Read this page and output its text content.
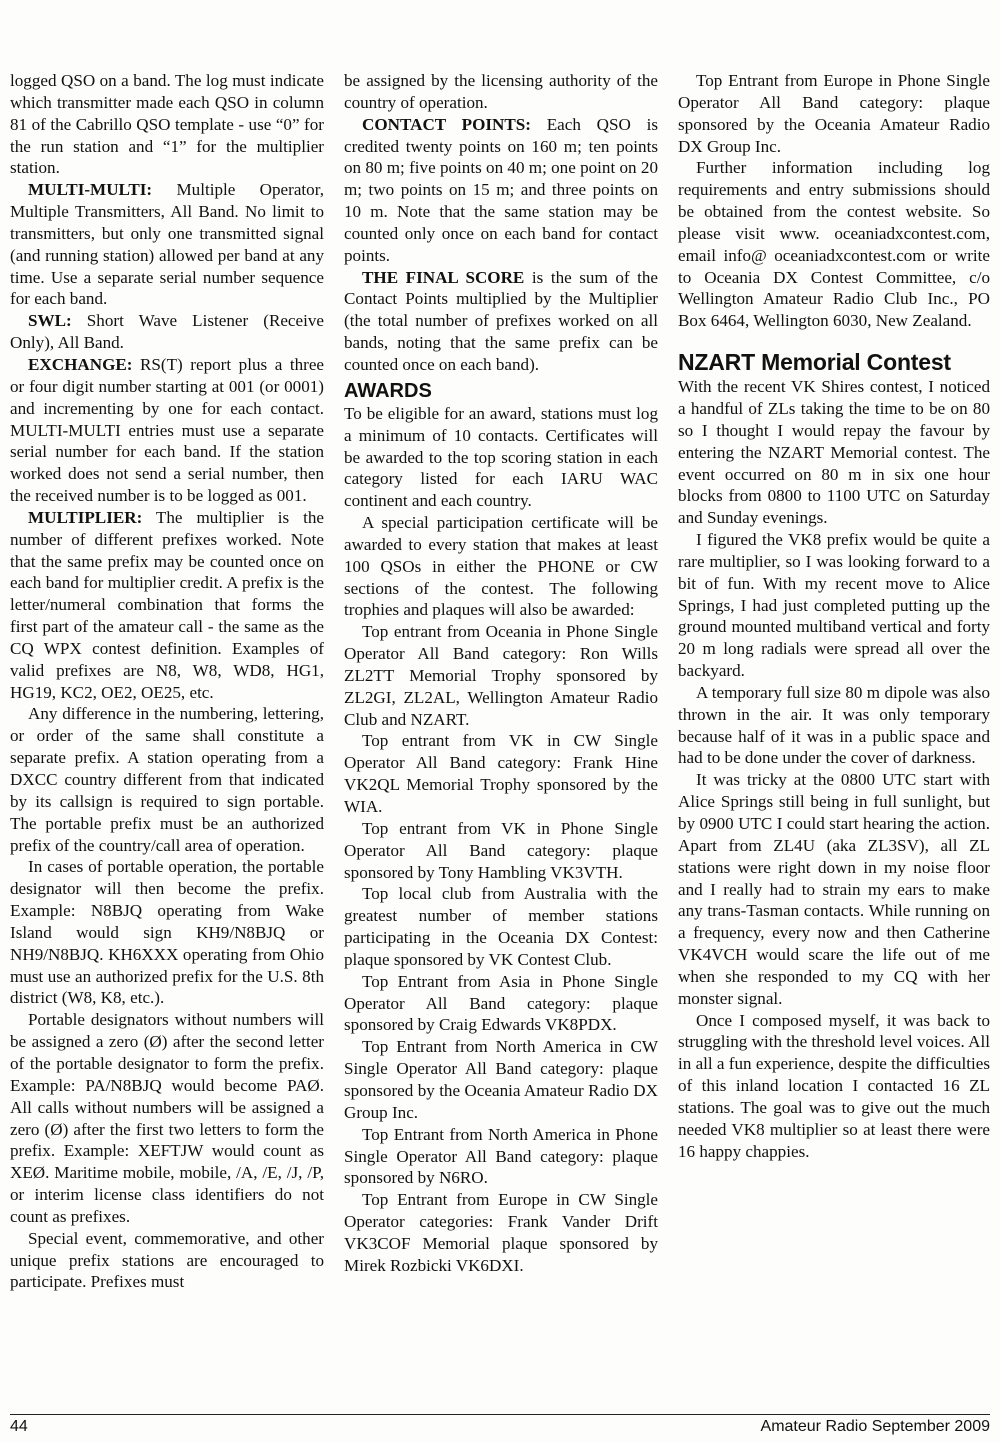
logged QSO on a band. The log must indicate which transmitter made each QSO in column 81 of the Cabrillo QSO template - use “0” for the run station and “1” for the multiplier station.

MULTI-MULTI: Multiple Operator, Multiple Transmitters, All Band. No limit to transmitters, but only one transmitted signal (and running station) allowed per band at any time. Use a separate serial number sequence for each band.

SWL: Short Wave Listener (Receive Only), All Band.

EXCHANGE: RS(T) report plus a three or four digit number starting at 001 (or 0001) and incrementing by one for each contact. MULTI-MULTI entries must use a separate serial number for each band. If the station worked does not send a serial number, then the received number is to be logged as 001.

MULTIPLIER: The multiplier is the number of different prefixes worked. Note that the same prefix may be counted once on each band for multiplier credit. A prefix is the letter/numeral combination that forms the first part of the amateur call - the same as the CQ WPX contest definition. Examples of valid prefixes are N8, W8, WD8, HG1, HG19, KC2, OE2, OE25, etc.

Any difference in the numbering, lettering, or order of the same shall constitute a separate prefix. A station operating from a DXCC country different from that indicated by its callsign is required to sign portable. The portable prefix must be an authorized prefix of the country/call area of operation.

In cases of portable operation, the portable designator will then become the prefix. Example: N8BJQ operating from Wake Island would sign KH9/N8BJQ or NH9/N8BJQ. KH6XXX operating from Ohio must use an authorized prefix for the U.S. 8th district (W8, K8, etc.).

Portable designators without numbers will be assigned a zero (Ø) after the second letter of the portable designator to form the prefix. Example: PA/N8BJQ would become PAØ. All calls without numbers will be assigned a zero (Ø) after the first two letters to form the prefix. Example: XEFTJW would count as XEØ. Maritime mobile, mobile, /A, /E, /J, /P, or interim license class identifiers do not count as prefixes.

Special event, commemorative, and other unique prefix stations are encouraged to participate. Prefixes must

be assigned by the licensing authority of the country of operation.

CONTACT POINTS: Each QSO is credited twenty points on 160 m; ten points on 80 m; five points on 40 m; one point on 20 m; two points on 15 m; and three points on 10 m. Note that the same station may be counted only once on each band for contact points.

THE FINAL SCORE is the sum of the Contact Points multiplied by the Multiplier (the total number of prefixes worked on all bands, noting that the same prefix can be counted once on each band).

AWARDS

To be eligible for an award, stations must log a minimum of 10 contacts. Certificates will be awarded to the top scoring station in each category listed for each IARU WAC continent and each country.

A special participation certificate will be awarded to every station that makes at least 100 QSOs in either the PHONE or CW sections of the contest. The following trophies and plaques will also be awarded:

Top entrant from Oceania in Phone Single Operator All Band category: Ron Wills ZL2TT Memorial Trophy sponsored by ZL2GI, ZL2AL, Wellington Amateur Radio Club and NZART.

Top entrant from VK in CW Single Operator All Band category: Frank Hine VK2QL Memorial Trophy sponsored by the WIA.

Top entrant from VK in Phone Single Operator All Band category: plaque sponsored by Tony Hambling VK3VTH.

Top local club from Australia with the greatest number of member stations participating in the Oceania DX Contest: plaque sponsored by VK Contest Club.

Top Entrant from Asia in Phone Single Operator All Band category: plaque sponsored by Craig Edwards VK8PDX.

Top Entrant from North America in CW Single Operator All Band category: plaque sponsored by the Oceania Amateur Radio DX Group Inc.

Top Entrant from North America in Phone Single Operator All Band category: plaque sponsored by N6RO.

Top Entrant from Europe in CW Single Operator categories: Frank Vander Drift VK3COF Memorial plaque sponsored by Mirek Rozbicki VK6DXI.

Top Entrant from Europe in Phone Single Operator All Band category: plaque sponsored by the Oceania Amateur Radio DX Group Inc.

Further information including log requirements and entry submissions should be obtained from the contest website. So please visit www. oceaniadxcontest.com, email info@ oceaniadxcontest.com or write to Oceania DX Contest Committee, c/o Wellington Amateur Radio Club Inc., PO Box 6464, Wellington 6030, New Zealand.

NZART Memorial Contest

With the recent VK Shires contest, I noticed a handful of ZLs taking the time to be on 80 so I thought I would repay the favour by entering the NZART Memorial contest. The event occurred on 80 m in six one hour blocks from 0800 to 1100 UTC on Saturday and Sunday evenings.

I figured the VK8 prefix would be quite a rare multiplier, so I was looking forward to a bit of fun. With my recent move to Alice Springs, I had just completed putting up the ground mounted multiband vertical and forty 20 m long radials were spread all over the backyard.

A temporary full size 80 m dipole was also thrown in the air. It was only temporary because half of it was in a public space and had to be done under the cover of darkness.

It was tricky at the 0800 UTC start with Alice Springs still being in full sunlight, but by 0900 UTC I could start hearing the action. Apart from ZL4U (aka ZL3SV), all ZL stations were right down in my noise floor and I really had to strain my ears to make any trans-Tasman contacts. While running on a frequency, every now and then Catherine VK4VCH would scare the life out of me when she responded to my CQ with her monster signal.

Once I composed myself, it was back to struggling with the threshold level voices. All in all a fun experience, despite the difficulties of this inland location I contacted 16 ZL stations. The goal was to give out the much needed VK8 multiplier so at least there were 16 happy chappies.

44	Amateur Radio September 2009
